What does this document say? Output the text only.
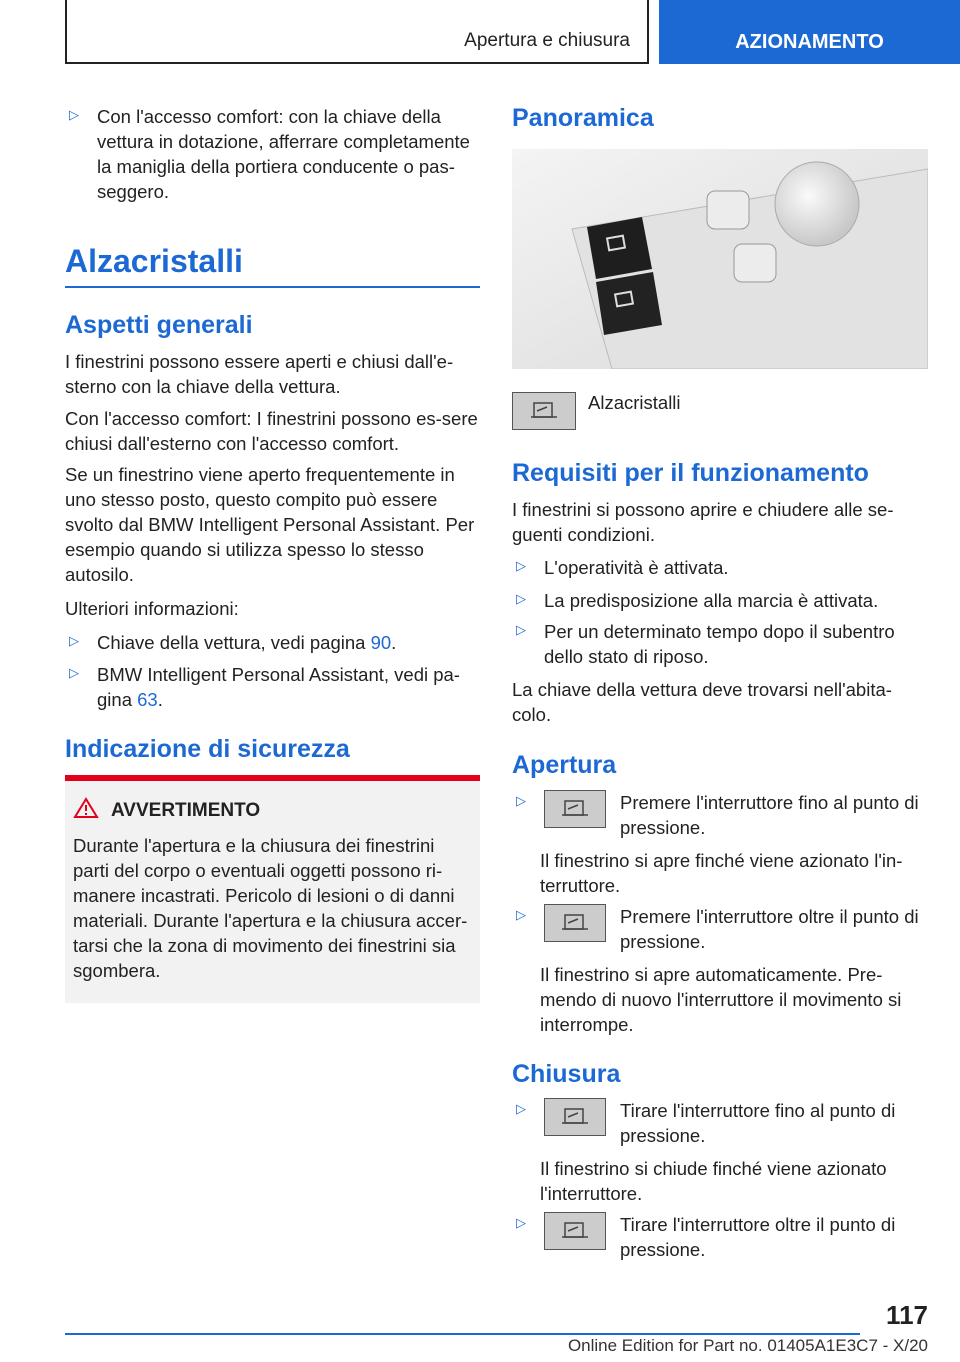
Apertura e chiusura	AZIONAMENTO
▷ Con l'accesso comfort: con la chiave della vettura in dotazione, afferrare completamente la maniglia della portiera conducente o pas-seggero.
Alzacristalli
Aspetti generali

I finestrini possono essere aperti e chiusi dall'e-sterno con la chiave della vettura.

Con l'accesso comfort: I finestrini possono es-sere chiusi dall'esterno con l'accesso comfort.

Se un finestrino viene aperto frequentemente in uno stesso posto, questo compito può essere svolto dal BMW Intelligent Personal Assistant. Per esempio quando si utilizza spesso lo stesso autosilo.

Ulteriori informazioni:

▷ Chiave della vettura, vedi pagina 90.
▷ BMW Intelligent Personal Assistant, vedi pa-gina 63.
Indicazione di sicurezza
AVVERTIMENTO

Durante l'apertura e la chiusura dei finestrini parti del corpo o eventuali oggetti possono ri-manere incastrati. Pericolo di lesioni o di danni materiali. Durante l'apertura e la chiusura accer-tarsi che la zona di movimento dei finestrini sia sgombera.

Panoramica
Alzacristalli
Requisiti per il funzionamento

I finestrini si possono aprire e chiudere alle se-guenti condizioni.

▷ L'operatività è attivata.
▷ La predisposizione alla marcia è attivata.
▷ Per un determinato tempo dopo il subentro dello stato di riposo.

La chiave della vettura deve trovarsi nell'abita-colo.

Apertura
▷	Premere l'interruttore fino al punto di pressione.

Il finestrino si apre finché viene azionato l'in-terruttore.

▷	Premere l'interruttore oltre il punto di pressione.

Il finestrino si apre automaticamente. Pre-mendo di nuovo l'interruttore il movimento si interrompe.

Chiusura
▷	Tirare l'interruttore fino al punto di pressione.

Il finestrino si chiude finché viene azionato l'interruttore.

▷	Tirare l'interruttore oltre il punto di pressione.
117
Online Edition for Part no. 01405A1E3C7 - X/20
